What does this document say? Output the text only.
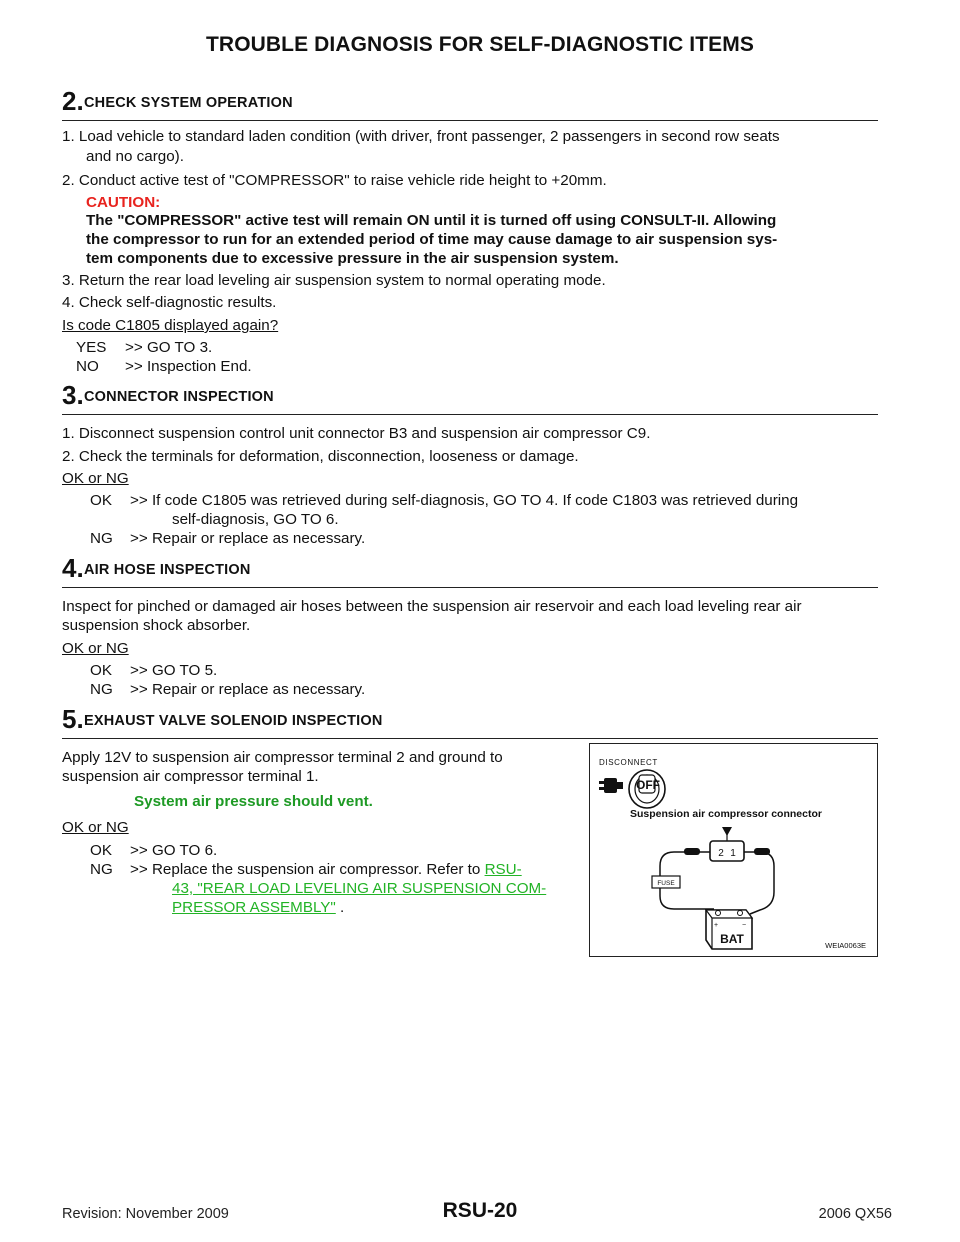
TROUBLE DIAGNOSIS FOR SELF-DIAGNOSTIC ITEMS
2. CHECK SYSTEM OPERATION
1. Load vehicle to standard laden condition (with driver, front passenger, 2 passengers in second row seats
and no cargo).
2. Conduct active test of "COMPRESSOR" to raise vehicle ride height to +20mm.
CAUTION:
The "COMPRESSOR" active test will remain ON until it is turned off using CONSULT-II. Allowing
the compressor to run for an extended period of time may cause damage to air suspension sys-
tem components due to excessive pressure in the air suspension system.
3. Return the rear load leveling air suspension system to normal operating mode.
4. Check self-diagnostic results.
Is code C1805 displayed again?
YES >> GO TO 3.
NO >> Inspection End.
3. CONNECTOR INSPECTION
1. Disconnect suspension control unit connector B3 and suspension air compressor C9.
2. Check the terminals for deformation, disconnection, looseness or damage.
OK or NG
OK >> If code C1805 was retrieved during self-diagnosis, GO TO 4. If code C1803 was retrieved during
self-diagnosis, GO TO 6.
NG >> Repair or replace as necessary.
4. AIR HOSE INSPECTION
Inspect for pinched or damaged air hoses between the suspension air reservoir and each load leveling rear air
suspension shock absorber.
OK or NG
OK >> GO TO 5.
NG >> Repair or replace as necessary.
5. EXHAUST VALVE SOLENOID INSPECTION
Apply 12V to suspension air compressor terminal 2 and ground to
suspension air compressor terminal 1.
System air pressure should vent.
OK or NG
OK >> GO TO 6.
NG >> Replace the suspension air compressor. Refer to RSU-
43, "REAR LOAD LEVELING AIR SUSPENSION COM-
PRESSOR ASSEMBLY" .
DISCONNECT
OFF
Suspension air compressor connector
2 1
FUSE
+	−
BAT	WEIA0063E
Revision: November 2009	RSU-20	2006 QX56
